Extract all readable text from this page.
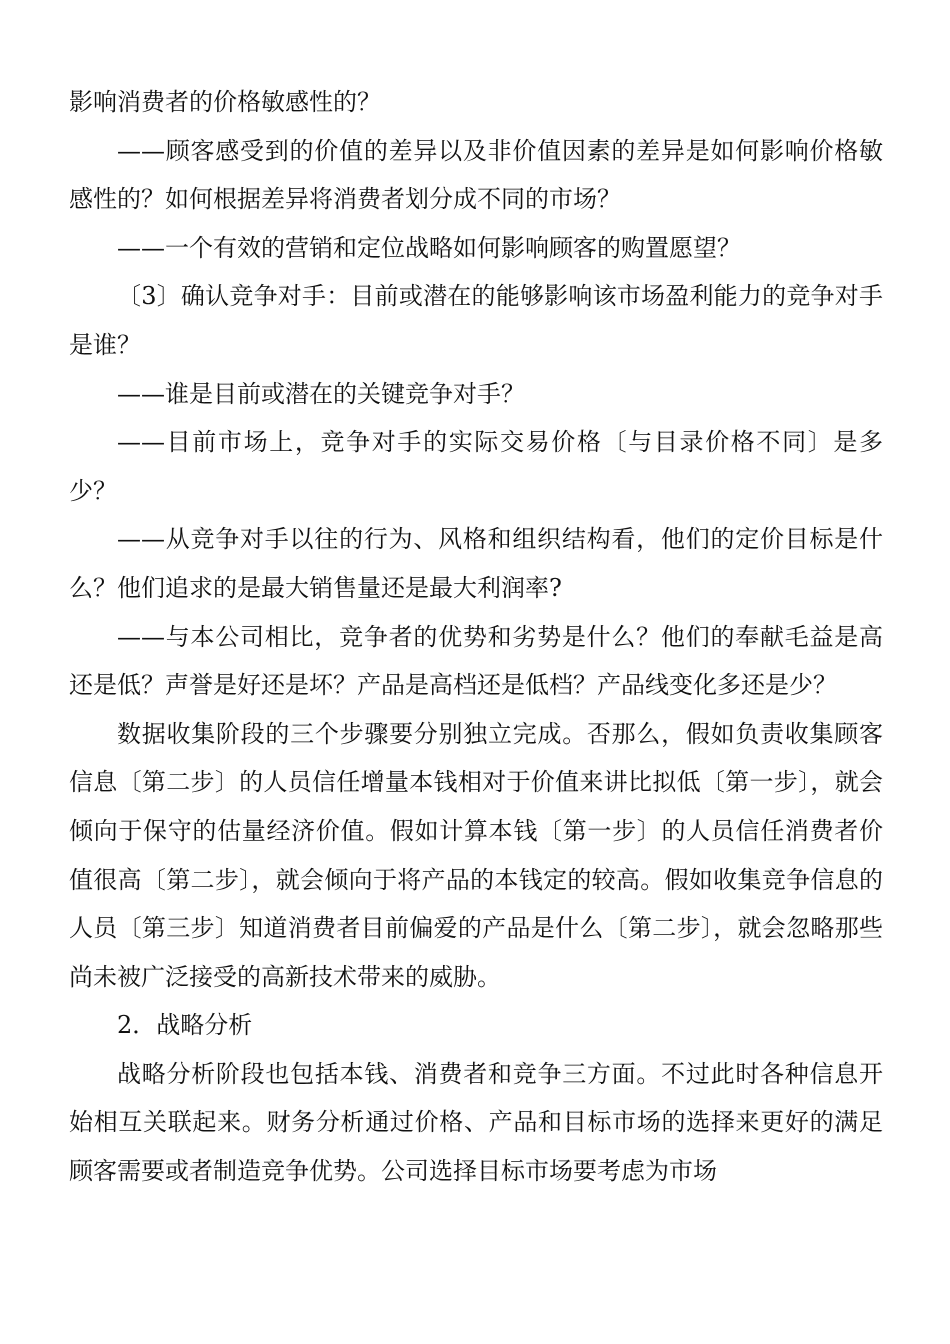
影响消费者的价格敏感性的？

——顾客感受到的价值的差异以及非价值因素的差异是如何影响价格敏感性的？如何根据差异将消费者划分成不同的市场？

——一个有效的营销和定位战略如何影响顾客的购置愿望？

〔3〕确认竞争对手：目前或潜在的能够影响该市场盈利能力的竞争对手是谁？

——谁是目前或潜在的关键竞争对手？

——目前市场上，竞争对手的实际交易价格〔与目录价格不同〕是多少？

——从竞争对手以往的行为、风格和组织结构看，他们的定价目标是什么？他们追求的是最大销售量还是最大利润率?

——与本公司相比，竞争者的优势和劣势是什么？他们的奉献毛益是高还是低？声誉是好还是坏？产品是高档还是低档？产品线变化多还是少？

数据收集阶段的三个步骤要分别独立完成。否那么，假如负责收集顾客信息〔第二步〕的人员信任增量本钱相对于价值来讲比拟低〔第一步〕，就会倾向于保守的估量经济价值。假如计算本钱〔第一步〕的人员信任消费者价值很高〔第二步〕，就会倾向于将产品的本钱定的较高。假如收集竞争信息的人员〔第三步〕知道消费者目前偏爱的产品是什么〔第二步〕，就会忽略那些尚未被广泛接受的高新技术带来的威胁。

2．战略分析

战略分析阶段也包括本钱、消费者和竞争三方面。不过此时各种信息开始相互关联起来。财务分析通过价格、产品和目标市场的选择来更好的满足顾客需要或者制造竞争优势。公司选择目标市场要考虑为市场
